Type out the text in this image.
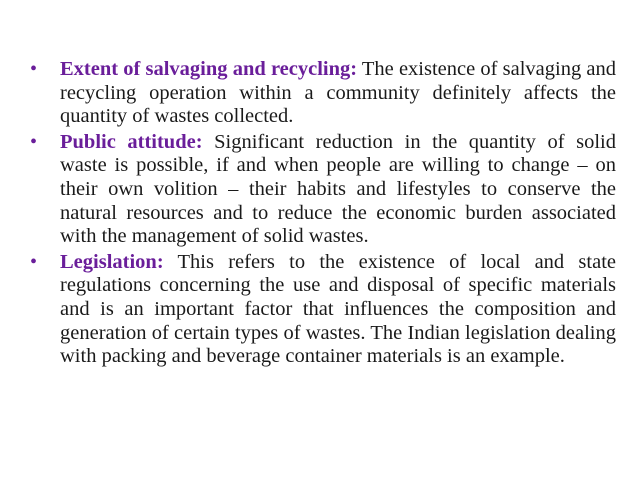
• Extent of salvaging and recycling: The existence of salvaging and recycling operation within a community definitely affects the quantity of wastes collected.
• Public attitude: Significant reduction in the quantity of solid waste is possible, if and when people are willing to change – on their own volition – their habits and lifestyles to conserve the natural resources and to reduce the economic burden associated with the management of solid wastes.
• Legislation: This refers to the existence of local and state regulations concerning the use and disposal of specific materials and is an important factor that influences the composition and generation of certain types of wastes. The Indian legislation dealing with packing and beverage container materials is an example.
